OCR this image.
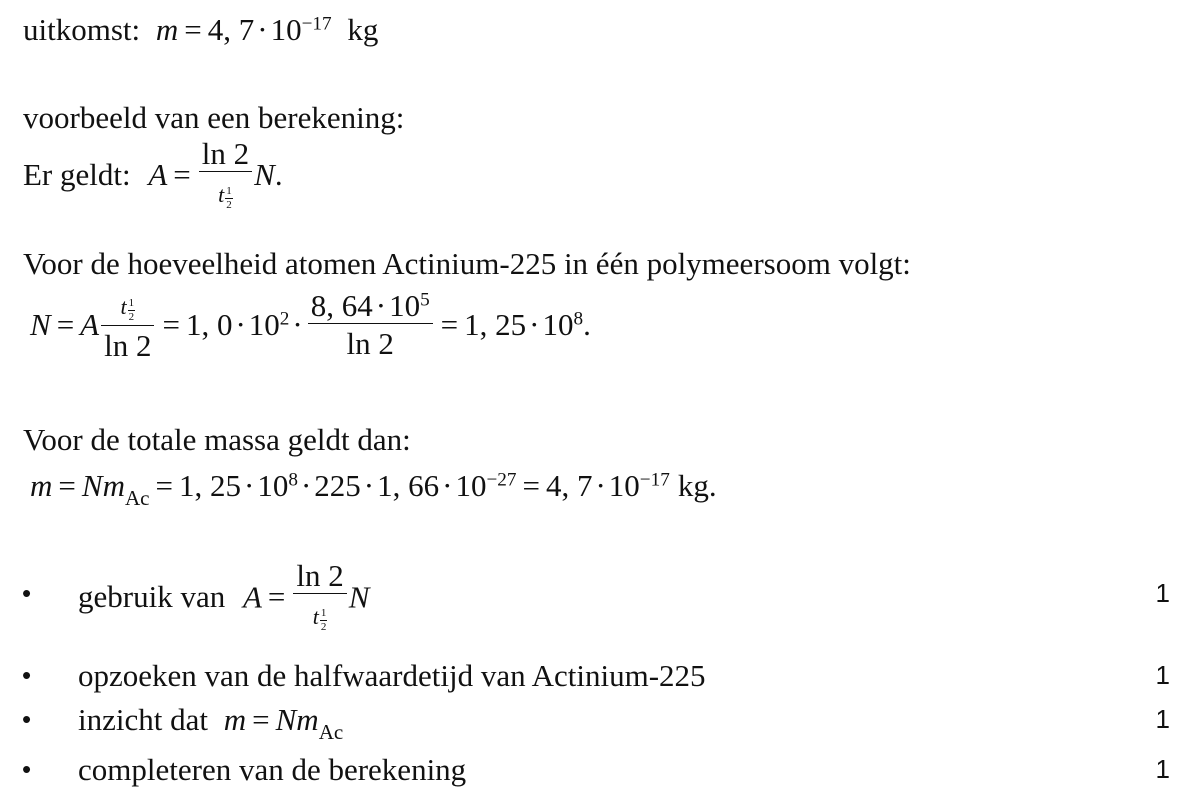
uitkomst: m = 4, $7\cdot 10^{-17}$ kg
voorbeeld van een berekening:
Er geldt: $A = \frac{\ln 2}{t \frac{1}{2}} N$.
Voor de hoeveelheid atomen Actinium-225 in één polymeersoom volgt:
N = A $\frac{t \frac{1}{2}}{\ln 2} = 1$, $0\cdot 10^2\cdot \frac{8, 64\cdot 10^5}{\ln 2} = 1$, $25\cdot 10^8$.
Voor de totale massa geldt dan:
$m = Nm_{Ac} = 1$, $25\cdot 10^8\cdot 225\cdot 1$, $66\cdot 10^{-27} = 4$, $7\cdot 10^{-17}$ kg.
• gebruik van $A = \frac{\ln 2}{t \frac{1}{2}}$ N	1
• opzoeken van de halfwaardetijd van Actinium-225	1
• inzicht dat $m = Nm_{Ac}$	1
• completeren van de berekening	1
